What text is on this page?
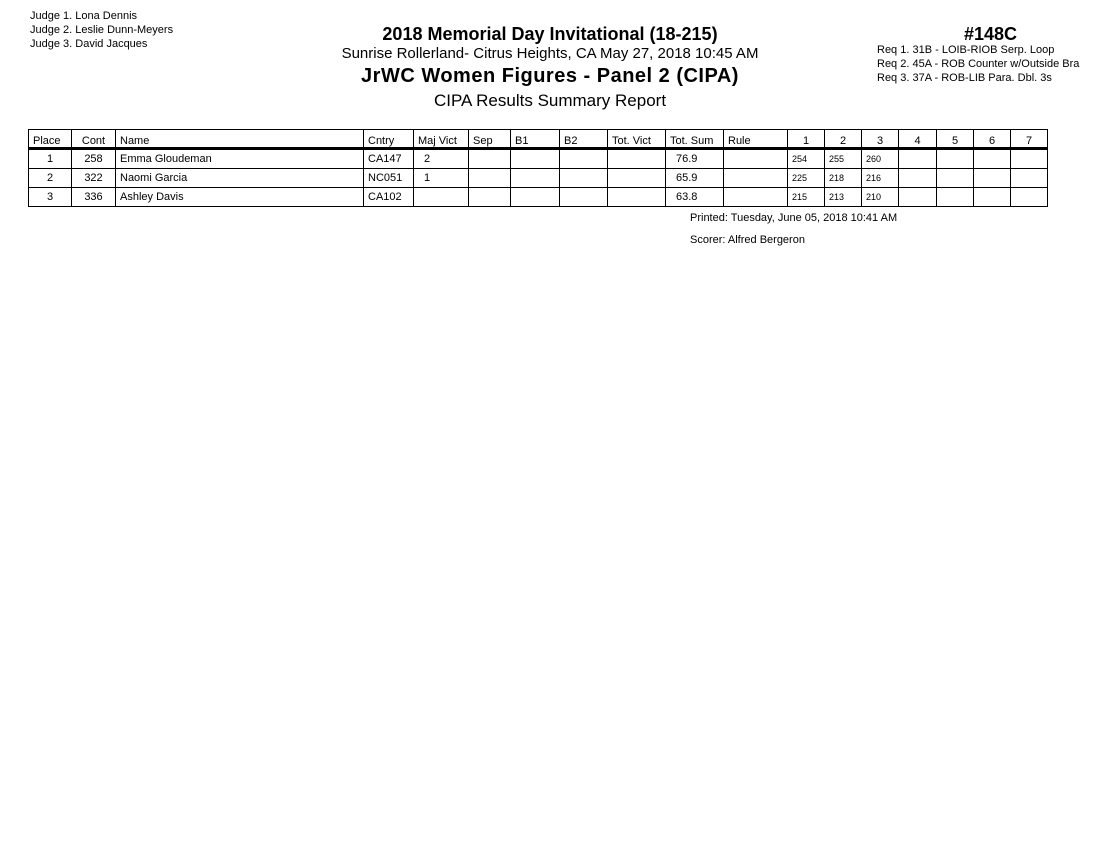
Judge 1. Lona Dennis
Judge 2. Leslie Dunn-Meyers
Judge 3. David Jacques	2018 Memorial Day Invitational (18-215)
Sunrise Rollerland- Citrus Heights, CA May 27, 2018 10:45 AM
JrWC Women Figures - Panel 2 (CIPA)
CIPA Results Summary Report
#148C
Req 1. 31B - LOIB-RIOB Serp. Loop
Req 2. 45A - ROB Counter w/Outside Bra
Req 3. 37A - ROB-LIB Para. Dbl. 3s
Place	Cont	Name	Cntry	Maj Vict	Sep	B1	B2	Tot. Vict	Tot. Sum	Rule	1	2	3	4	5	6	7
1	258	Emma Gloudeman	CA147	2					76.9		254	255	260				
2	322	Naomi Garcia	NC051	1					65.9		225	218	216				
3	336	Ashley Davis	CA102						63.8		215	213	210				
Printed: Tuesday, June 05, 2018 10:41 AM
Scorer: Alfred Bergeron
